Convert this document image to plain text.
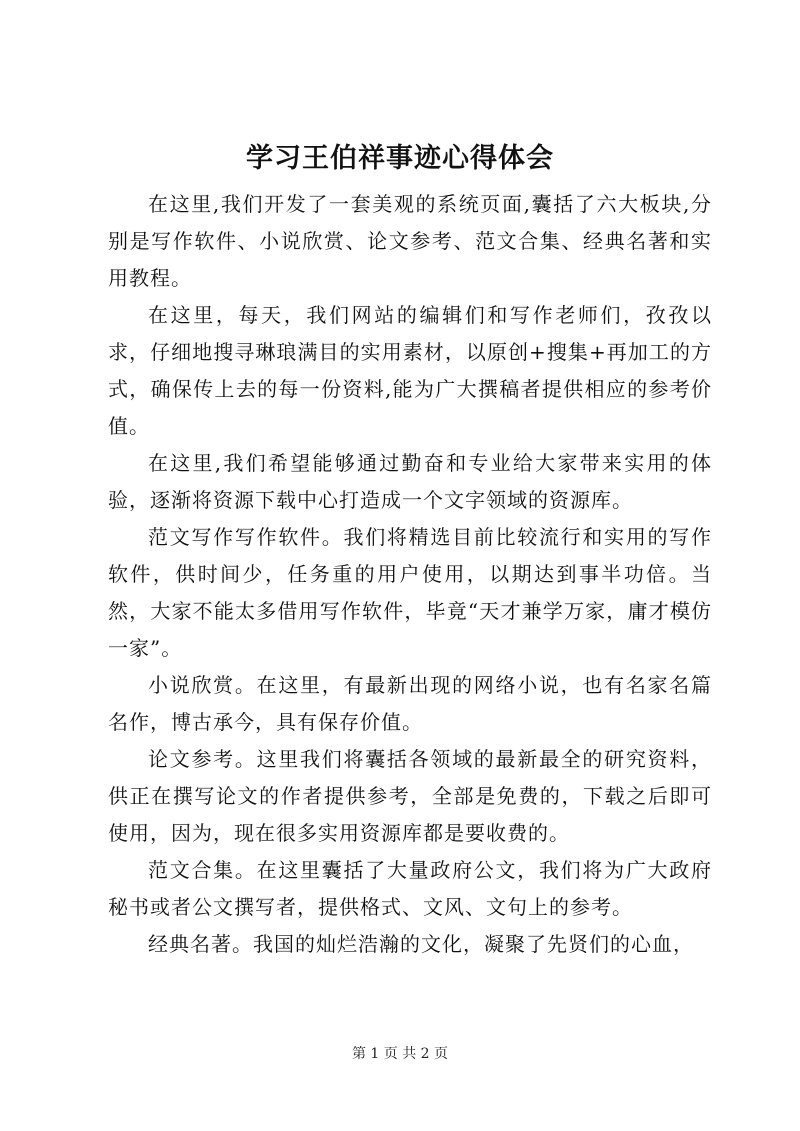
学习王伯祥事迹心得体会

在这里,我们开发了一套美观的系统页面,囊括了六大板块,分别是写作软件、小说欣赏、论文参考、范文合集、经典名著和实用教程。

在这里，每天，我们网站的编辑们和写作老师们，孜孜以求，仔细地搜寻琳琅满目的实用素材，以原创+搜集+再加工的方式，确保传上去的每一份资料,能为广大撰稿者提供相应的参考价值。

在这里,我们希望能够通过勤奋和专业给大家带来实用的体验，逐渐将资源下载中心打造成一个文字领域的资源库。

范文写作写作软件。我们将精选目前比较流行和实用的写作软件，供时间少，任务重的用户使用，以期达到事半功倍。当然，大家不能太多借用写作软件，毕竟“天才兼学万家，庸才模仿一家”。

小说欣赏。在这里，有最新出现的网络小说，也有名家名篇名作，博古承今，具有保存价值。

论文参考。这里我们将囊括各领域的最新最全的研究资料，供正在撰写论文的作者提供参考，全部是免费的，下载之后即可使用，因为，现在很多实用资源库都是要收费的。

范文合集。在这里囊括了大量政府公文，我们将为广大政府秘书或者公文撰写者，提供格式、文风、文句上的参考。

经典名著。我国的灿烂浩瀚的文化，凝聚了先贤们的心血，

第 1 页 共 2 页
